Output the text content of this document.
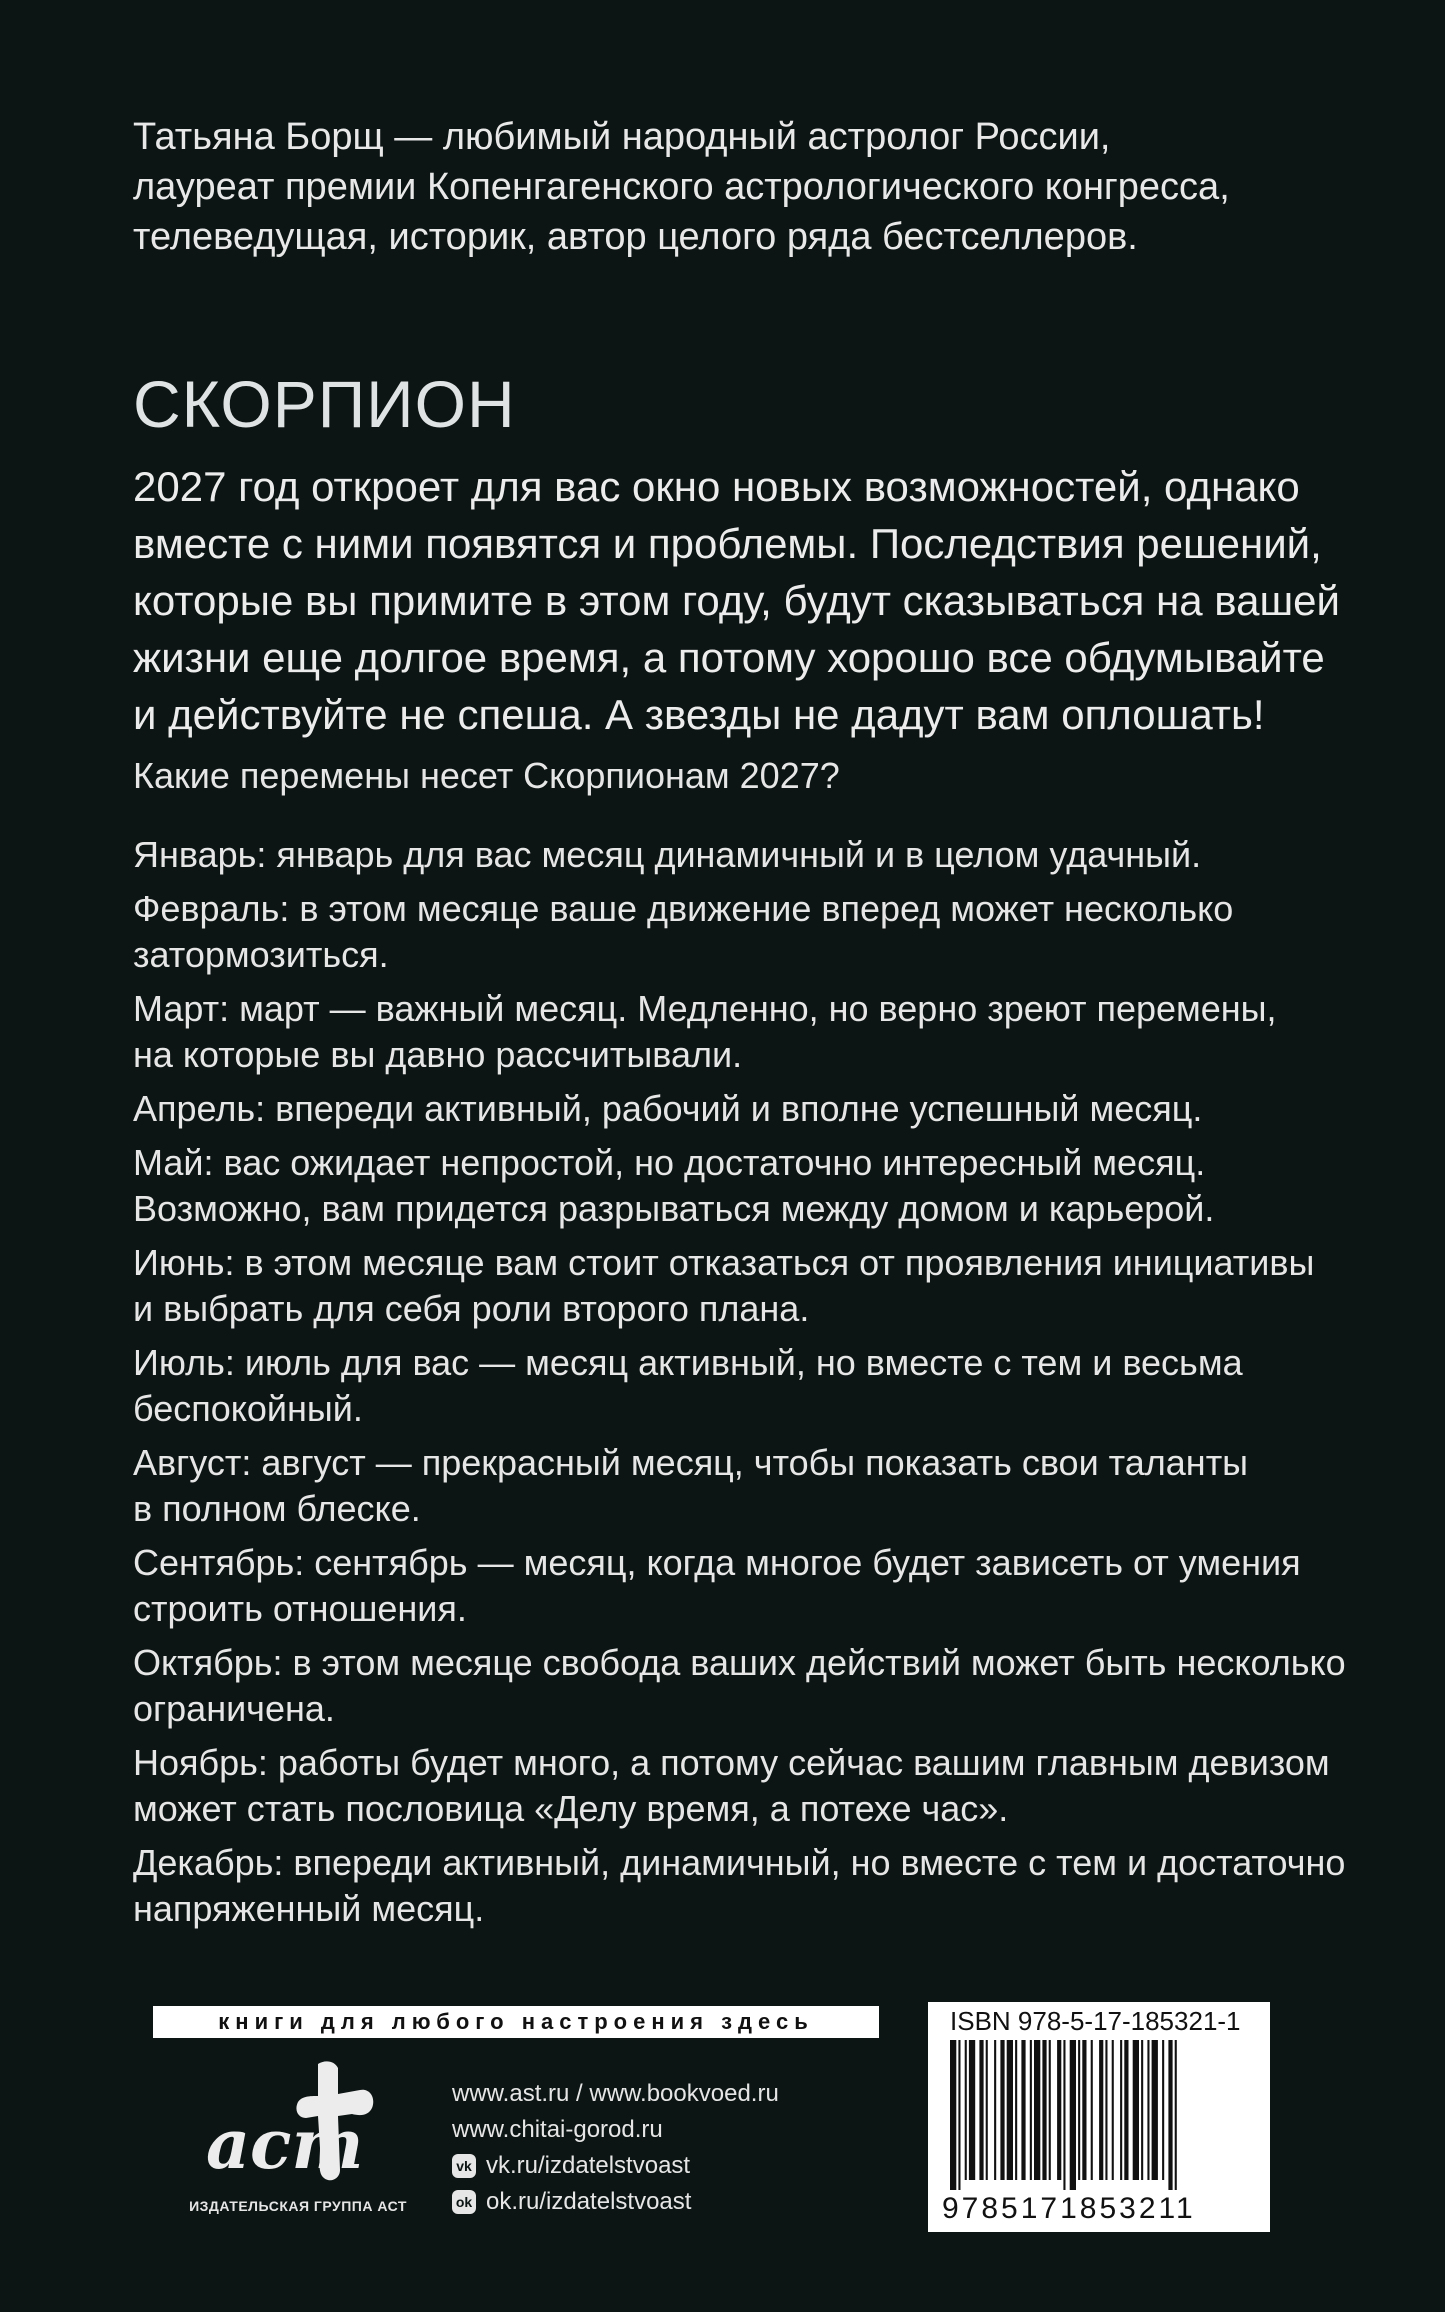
Татьяна Борщ — любимый народный астролог России,
лауреат премии Копенгагенского астрологического конгресса,
телеведущая, историк, автор целого ряда бестселлеров.
СКОРПИОН
2027 год откроет для вас окно новых возможностей, однако
вместе с ними появятся и проблемы. Последствия решений,
которые вы примите в этом году, будут сказываться на вашей
жизни еще долгое время, а потому хорошо все обдумывайте
и действуйте не спеша. А звезды не дадут вам оплошать!

Какие перемены несет Скорпионам 2027?

Январь: январь для вас месяц динамичный и в целом удачный.
Февраль: в этом месяце ваше движение вперед может несколько
затормозиться.
Март: март — важный месяц. Медленно, но верно зреют перемены,
на которые вы давно рассчитывали.
Апрель: впереди активный, рабочий и вполне успешный месяц.
Май: вас ожидает непростой, но достаточно интересный месяц.
Возможно, вам придется разрываться между домом и карьерой.
Июнь: в этом месяце вам стоит отказаться от проявления инициативы
и выбрать для себя роли второго плана.
Июль: июль для вас — месяц активный, но вместе с тем и весьма
беспокойный.
Август: август — прекрасный месяц, чтобы показать свои таланты
в полном блеске.
Сентябрь: сентябрь — месяц, когда многое будет зависеть от умения
строить отношения.
Октябрь: в этом месяце свобода ваших действий может быть несколько
ограничена.
Ноябрь: работы будет много, а потому сейчас вашим главным девизом
может стать пословица «Делу время, а потехе час».
Декабрь: впереди активный, динамичный, но вместе с тем и достаточно
напряженный месяц.
книги для любого настроения здесь
аст
ИЗДАТЕЛЬСКАЯ ГРУППА АСТ
www.ast.ru / www.bookvoed.ru
www.chitai-gorod.ru
vk vk.ru/izdatelstvoast
ok ok.ru/izdatelstvoast
ISBN 978-5-17-185321-1
9785171853211
